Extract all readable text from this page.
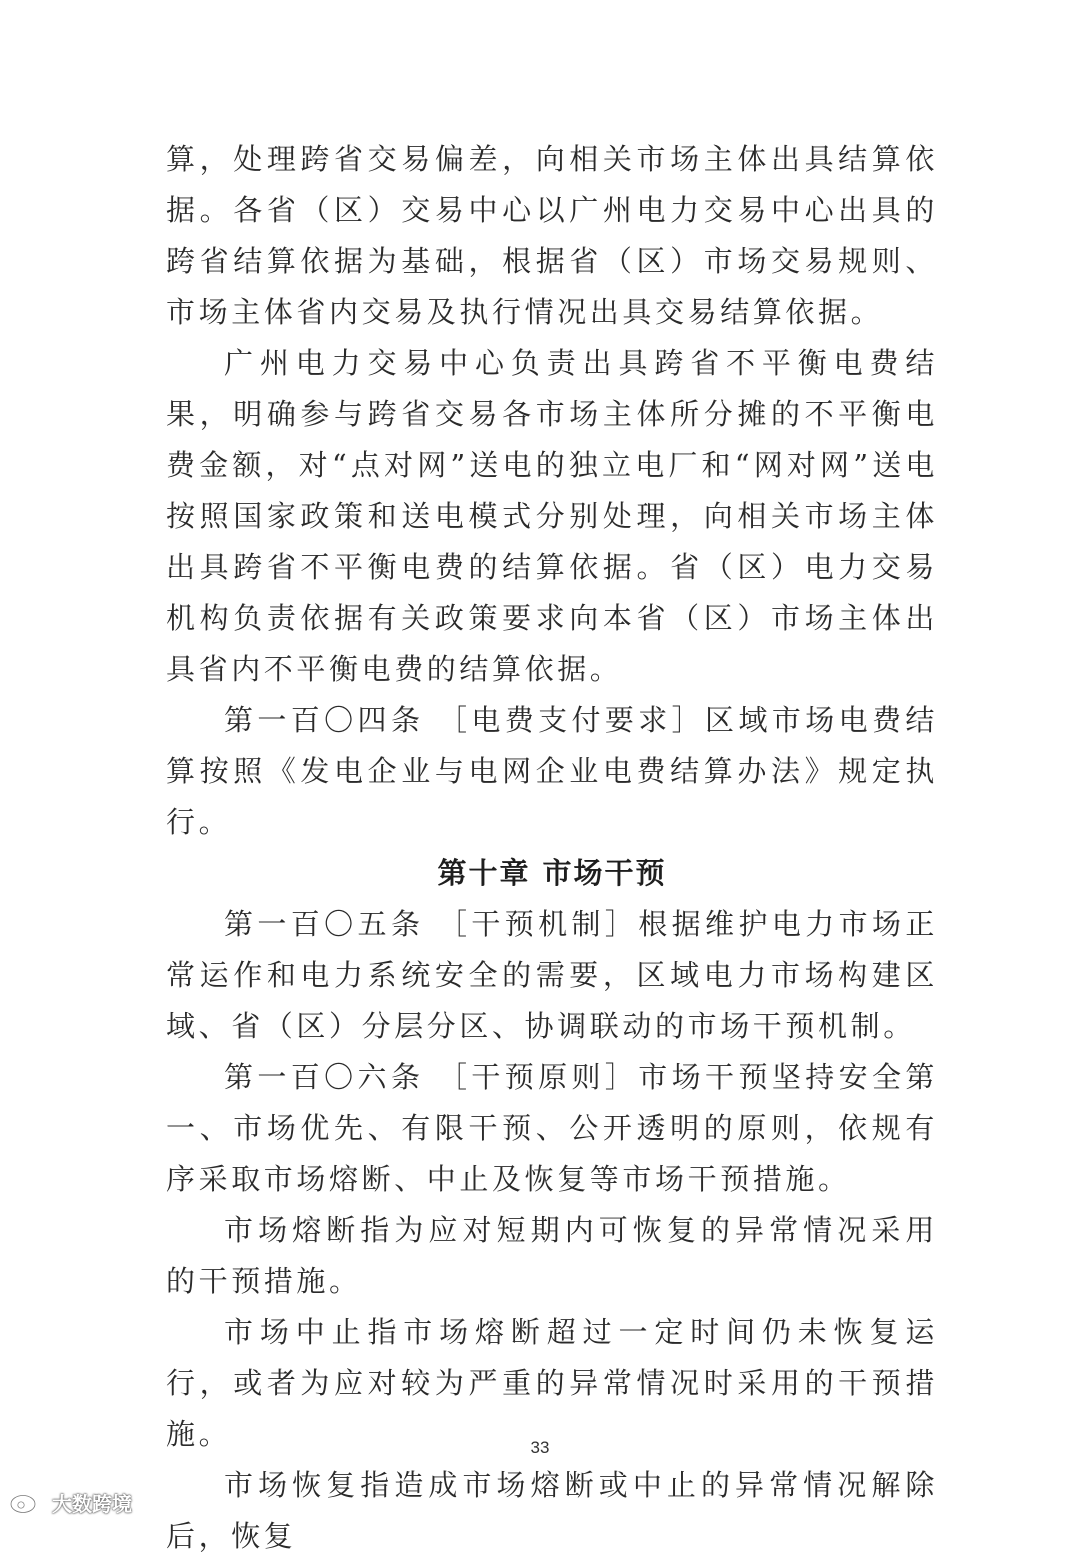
算，处理跨省交易偏差，向相关市场主体出具结算依据。各省（区）交易中心以广州电力交易中心出具的跨省结算依据为基础，根据省（区）市场交易规则、市场主体省内交易及执行情况出具交易结算依据。

广州电力交易中心负责出具跨省不平衡电费结果，明确参与跨省交易各市场主体所分摊的不平衡电费金额，对“点对网”送电的独立电厂和“网对网”送电按照国家政策和送电模式分别处理，向相关市场主体出具跨省不平衡电费的结算依据。省（区）电力交易机构负责依据有关政策要求向本省（区）市场主体出具省内不平衡电费的结算依据。

第一百〇四条 ［电费支付要求］区域市场电费结算按照《发电企业与电网企业电费结算办法》规定执行。

第十章 市场干预

第一百〇五条 ［干预机制］根据维护电力市场正常运作和电力系统安全的需要，区域电力市场构建区域、省（区）分层分区、协调联动的市场干预机制。

第一百〇六条 ［干预原则］市场干预坚持安全第一、市场优先、有限干预、公开透明的原则，依规有序采取市场熔断、中止及恢复等市场干预措施。

市场熔断指为应对短期内可恢复的异常情况采用的干预措施。

市场中止指市场熔断超过一定时间仍未恢复运行，或者为应对较为严重的异常情况时采用的干预措施。

市场恢复指造成市场熔断或中止的异常情况解除后，恢复

33
大数跨境
